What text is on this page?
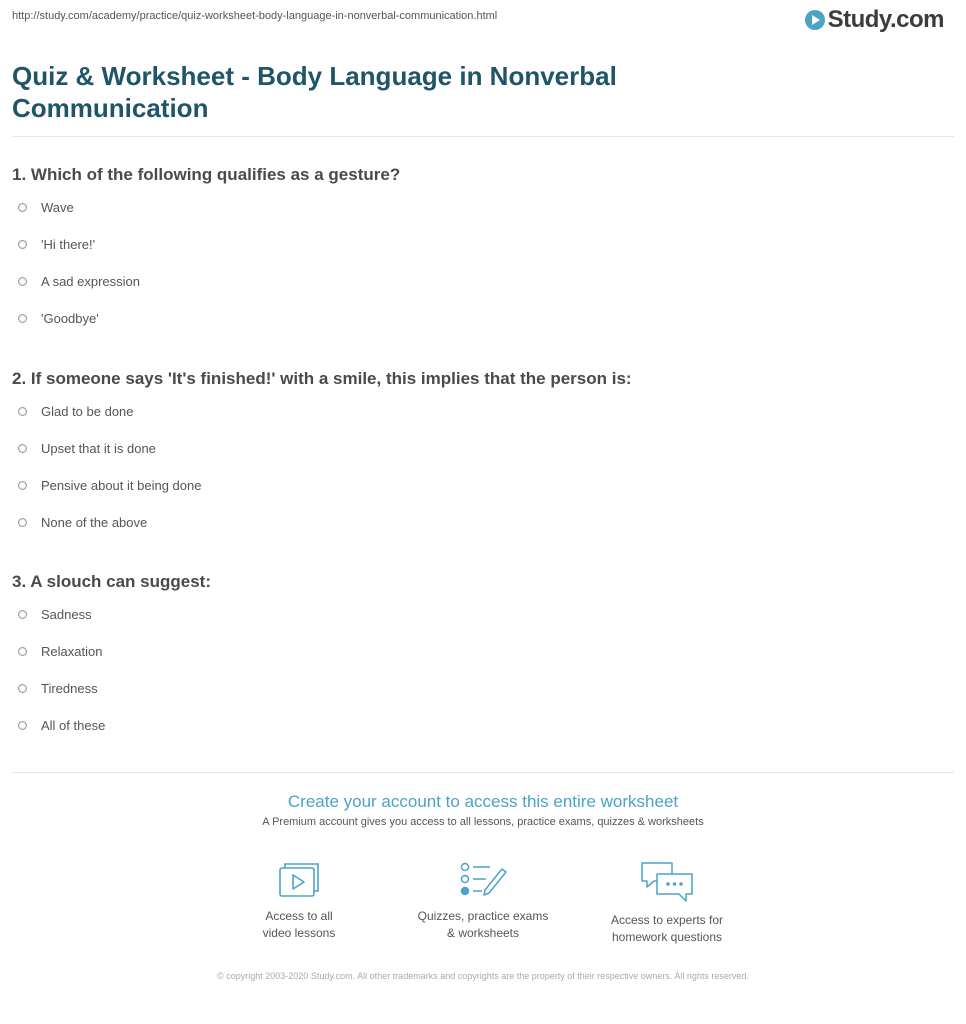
http://study.com/academy/practice/quiz-worksheet-body-language-in-nonverbal-communication.html	Study.com
Quiz & Worksheet - Body Language in Nonverbal Communication
1. Which of the following qualifies as a gesture?
Wave
'Hi there!'
A sad expression
'Goodbye'
2. If someone says 'It's finished!' with a smile, this implies that the person is:
Glad to be done
Upset that it is done
Pensive about it being done
None of the above
3. A slouch can suggest:
Sadness
Relaxation
Tiredness
All of these
Create your account to access this entire worksheet
A Premium account gives you access to all lessons, practice exams, quizzes & worksheets
Access to all
video lessons
Quizzes, practice exams
& worksheets
Access to experts for
homework questions
© copyright 2003-2020 Study.com. All other trademarks and copyrights are the property of their respective owners. All rights reserved.
